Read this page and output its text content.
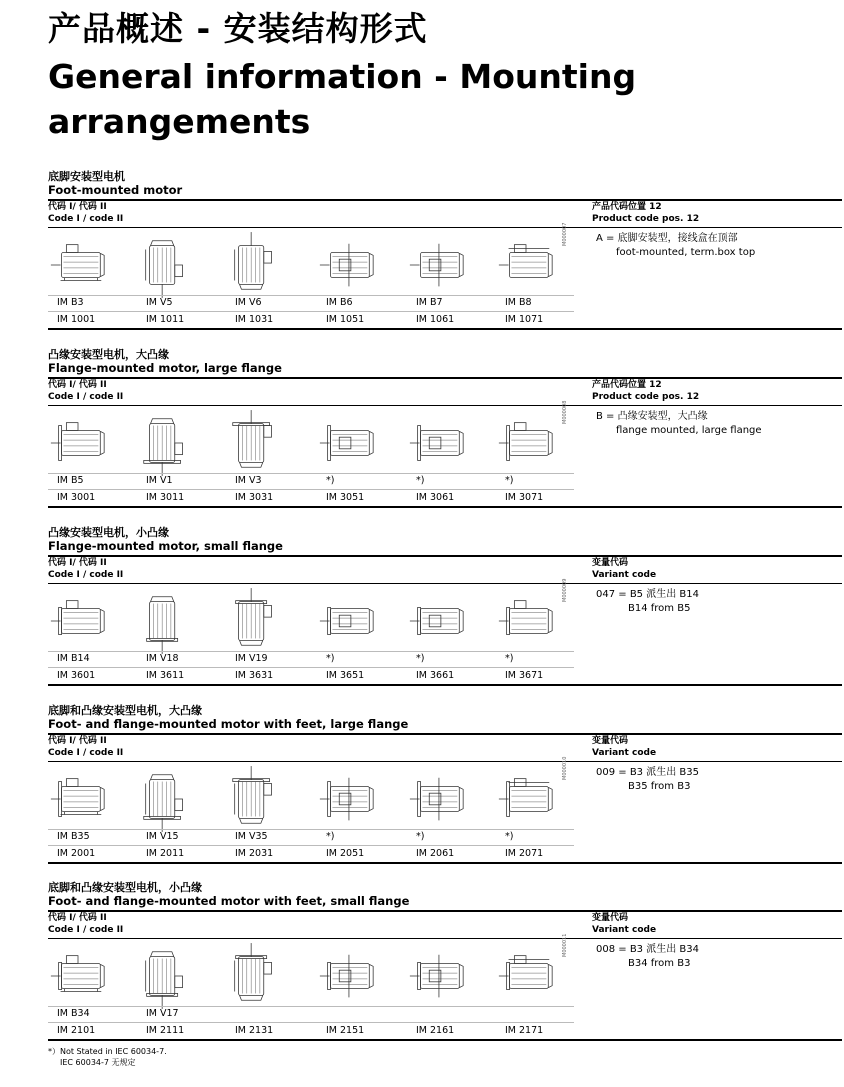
产品概述 - 安装结构形式
General information - Mounting arrangements
底脚安装型电机
Foot-mounted motor
代码 I/ 代码 II
Code I / code II
产品代码位置 12
Product code pos. 12
A = 底脚安装型，接线盒在顶部
foot-mounted, term.box top
M000007
IM B3	IM V5	IM V6	IM B6	IM B7	IM B8
IM 1001	IM 1011	IM 1031	IM 1051	IM 1061	IM 1071
凸缘安装型电机，大凸缘
Flange-mounted motor, large flange
代码 I/ 代码 II
Code I / code II
产品代码位置 12
Product code pos. 12
B = 凸缘安装型，大凸缘
flange mounted, large flange
M000008
IM B5	IM V1	IM V3	*)	*)	*)
IM 3001	IM 3011	IM 3031	IM 3051	IM 3061	IM 3071
凸缘安装型电机，小凸缘
Flange-mounted motor, small flange
代码 I/ 代码 II
Code I / code II
变量代码
Variant code
047 = B5 派生出 B14
B14 from B5
M000009
IM B14	IM V18	IM V19	*)	*)	*)
IM 3601	IM 3611	IM 3631	IM 3651	IM 3661	IM 3671
底脚和凸缘安装型电机，大凸缘
Foot- and flange-mounted motor with feet, large flange
代码 I/ 代码 II
Code I / code II
变量代码
Variant code
009 = B3 派生出 B35
B35 from B3
M000010
IM B35	IM V15	IM V35	*)	*)	*)
IM 2001	IM 2011	IM 2031	IM 2051	IM 2061	IM 2071
底脚和凸缘安装型电机，小凸缘
Foot- and flange-mounted motor with feet, small flange
代码 I/ 代码 II
Code I / code II
变量代码
Variant code
008 = B3 派生出 B34
B34 from B3
M000011
IM B34	IM V17
IM 2101	IM 2111	IM 2131	IM 2151	IM 2161	IM 2171
*）Not Stated in IEC 60034-7.
IEC 60034-7 无规定
